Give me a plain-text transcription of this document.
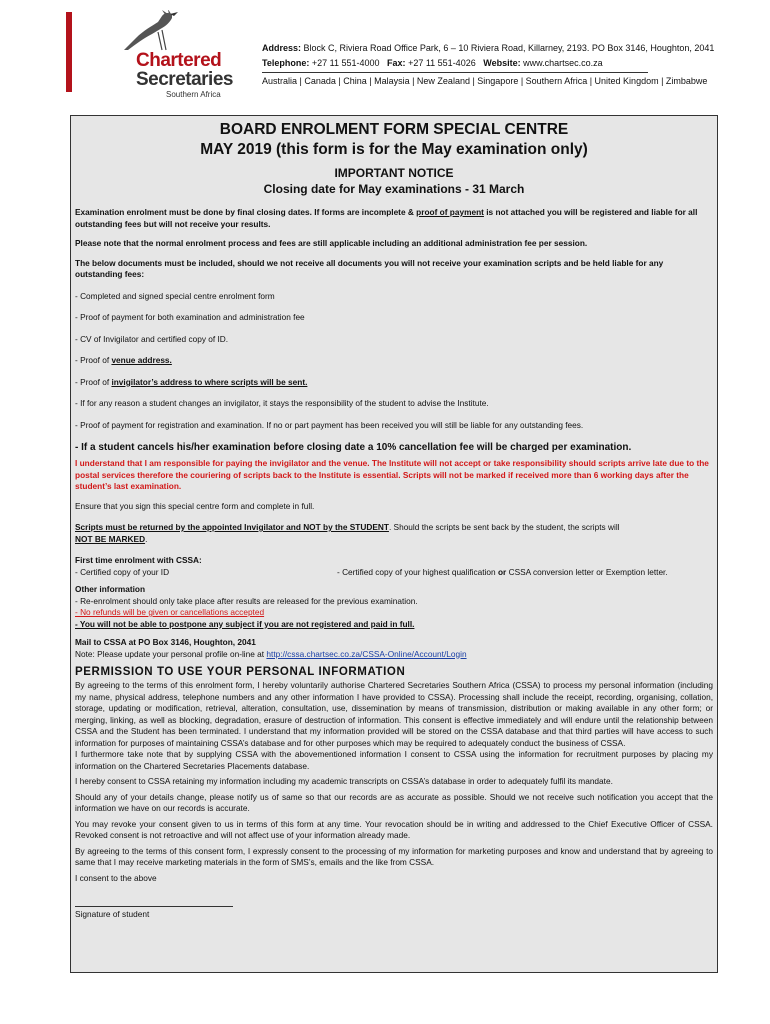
Chartered
Secretaries
Southern Africa
Address: Block C, Riviera Road Office Park, 6 – 10 Riviera Road, Killarney, 2193. PO Box 3146, Houghton, 2041
Telephone: +27 11 551-4000 Fax: +27 11 551-4026 Website: www.chartsec.co.za
Australia | Canada | China | Malaysia | New Zealand | Singapore | Southern Africa | United Kingdom | Zimbabwe
BOARD ENROLMENT FORM SPECIAL CENTRE
MAY 2019 (this form is for the May examination only)
IMPORTANT NOTICE
Closing date for May examinations - 31 March

Examination enrolment must be done by final closing dates. If forms are incomplete & proof of payment is not attached you will be registered and liable for all outstanding fees but will not receive your results.

Please note that the normal enrolment process and fees are still applicable including an additional administration fee per session.

The below documents must be included, should we not receive all documents you will not receive your examination scripts and be held liable for any outstanding fees:

- Completed and signed special centre enrolment form

- Proof of payment for both examination and administration fee

- CV of Invigilator and certified copy of ID.

- Proof of venue address.

- Proof of invigilator’s address to where scripts will be sent.

- If for any reason a student changes an invigilator, it stays the responsibility of the student to advise the Institute.

- Proof of payment for registration and examination. If no or part payment has been received you will still be liable for any outstanding fees.

- If a student cancels his/her examination before closing date a 10% cancellation fee will be charged per examination.

I understand that I am responsible for paying the invigilator and the venue. The Institute will not accept or take responsibility should scripts arrive late due to the postal services therefore the couriering of scripts back to the Institute is essential. Scripts will not be marked if received more than 6 working days after the student’s last examination.

Ensure that you sign this special centre form and complete in full.

Scripts must be returned by the appointed Invigilator and NOT by the STUDENT. Should the scripts be sent back by the student, the scripts will
NOT BE MARKED.

First time enrolment with CSSA:

- Certified copy of your ID	- Certified copy of your highest qualification or CSSA conversion letter or Exemption letter.

Other information

- Re-enrolment should only take place after results are released for the previous examination.

- No refunds will be given or cancellations accepted

- You will not be able to postpone any subject if you are not registered and paid in full.

Mail to CSSA at PO Box 3146, Houghton, 2041

Note: Please update your personal profile on-line at http://cssa.chartsec.co.za/CSSA-Online/Account/Login

PERMISSION TO USE YOUR PERSONAL INFORMATION

By agreeing to the terms of this enrolment form, I hereby voluntarily authorise Chartered Secretaries Southern Africa (CSSA) to process my personal information (including my name, physical address, telephone numbers and any other information I have provided to CSSA). Processing shall include the receipt, recording, organising, collation, storage, updating or modification, retrieval, alteration, consultation, use, dissemination by means of transmission, distribution or making available in any other form; or merging, linking, as well as blocking, degradation, erasure of destruction of information. This consent is effective immediately and will endure until the relationship between CSSA and the Student has been terminated. I understand that my information provided will be stored on the CSSA database and that third parties will have access to such information for purposes of maintaining CSSA’s database and for other purposes which may be required to adequately conduct the business of CSSA.

I furthermore take note that by supplying CSSA with the abovementioned information I consent to CSSA using the information for recruitment purposes by placing my information on the Chartered Secretaries Placements database.

I hereby consent to CSSA retaining my information including my academic transcripts on CSSA’s database in order to adequately fulfil its mandate.

Should any of your details change, please notify us of same so that our records are as accurate as possible. Should we not receive such notification you accept that the information we have on our records is accurate.

You may revoke your consent given to us in terms of this form at any time. Your revocation should be in writing and addressed to the Chief Executive Officer of CSSA. Revoked consent is not retroactive and will not affect use of your information already made.

By agreeing to the terms of this consent form, I expressly consent to the processing of my information for marketing purposes and know and understand that by agreeing to same that I may receive marketing materials in the form of SMS’s, emails and the like from CSSA.

I consent to the above

Signature of student
